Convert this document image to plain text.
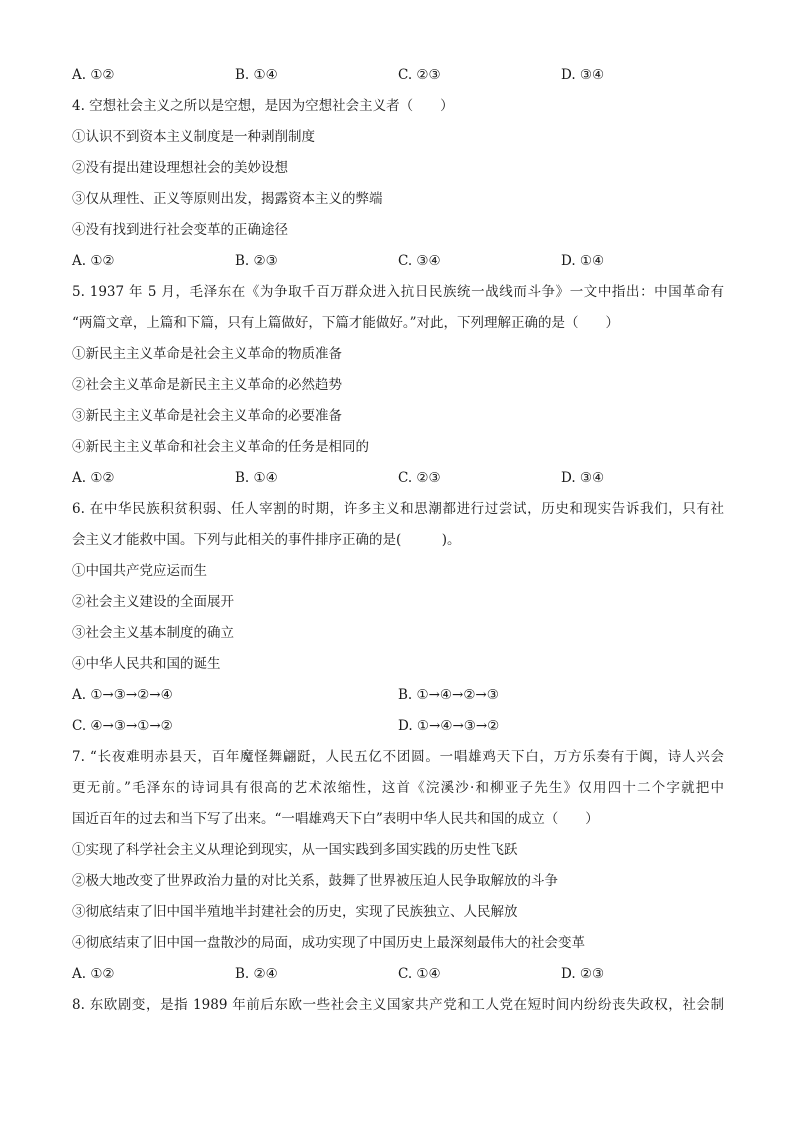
A. ①②	B. ①④	C. ②③	D. ③④
4. 空想社会主义之所以是空想，是因为空想社会主义者（　　）
①认识不到资本主义制度是一种剥削制度
②没有提出建设理想社会的美妙设想
③仅从理性、正义等原则出发，揭露资本主义的弊端
④没有找到进行社会变革的正确途径
A. ①②	B. ②③	C. ③④	D. ①④
5. 1937 年 5 月，毛泽东在《为争取千百万群众进入抗日民族统一战线而斗争》一文中指出：中国革命有
“两篇文章，上篇和下篇，只有上篇做好，下篇才能做好。”对此，下列理解正确的是（　　）
①新民主主义革命是社会主义革命的物质准备
②社会主义革命是新民主主义革命的必然趋势
③新民主主义革命是社会主义革命的必要准备
④新民主主义革命和社会主义革命的任务是相同的
A. ①②	B. ①④	C. ②③	D. ③④
6. 在中华民族积贫积弱、任人宰割的时期，许多主义和思潮都进行过尝试，历史和现实告诉我们，只有社
会主义才能救中国。下列与此相关的事件排序正确的是(　　　)。
①中国共产党应运而生
②社会主义建设的全面展开
③社会主义基本制度的确立
④中华人民共和国的诞生
A. ①→③→②→④	B. ①→④→②→③
C. ④→③→①→②	D. ①→④→③→②
7. “长夜难明赤县天，百年魔怪舞翩跹，人民五亿不团圆。一唱雄鸡天下白，万方乐奏有于阗，诗人兴会
更无前。”毛泽东的诗词具有很高的艺术浓缩性，这首《浣溪沙·和柳亚子先生》仅用四十二个字就把中
国近百年的过去和当下写了出来。“一唱雄鸡天下白”表明中华人民共和国的成立（　　）
①实现了科学社会主义从理论到现实，从一国实践到多国实践的历史性飞跃
②极大地改变了世界政治力量的对比关系，鼓舞了世界被压迫人民争取解放的斗争
③彻底结束了旧中国半殖地半封建社会的历史，实现了民族独立、人民解放
④彻底结束了旧中国一盘散沙的局面，成功实现了中国历史上最深刻最伟大的社会变革
A. ①②	B. ②④	C. ①④	D. ②③
8. 东欧剧变，是指 1989 年前后东欧一些社会主义国家共产党和工人党在短时间内纷纷丧失政权，社会制
